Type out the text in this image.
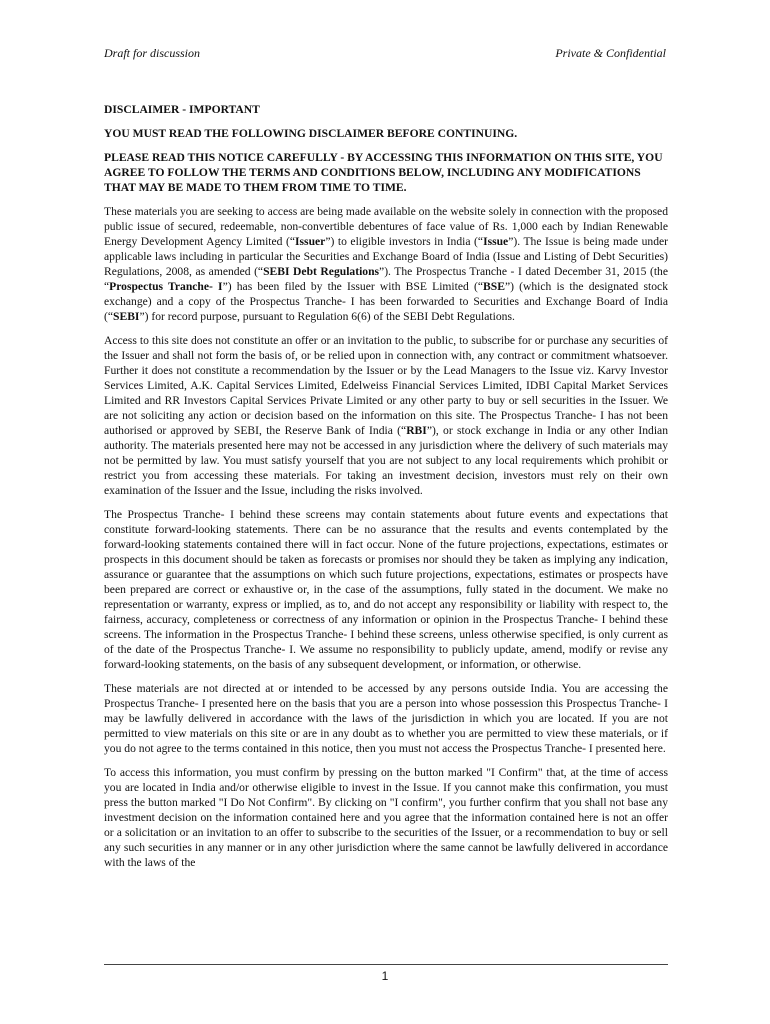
Draft for discussion	Private & Confidential
DISCLAIMER - IMPORTANT
YOU MUST READ THE FOLLOWING DISCLAIMER BEFORE CONTINUING.
PLEASE READ THIS NOTICE CAREFULLY - BY ACCESSING THIS INFORMATION ON THIS SITE, YOU AGREE TO FOLLOW THE TERMS AND CONDITIONS BELOW, INCLUDING ANY MODIFICATIONS THAT MAY BE MADE TO THEM FROM TIME TO TIME.

These materials you are seeking to access are being made available on the website solely in connection with the proposed public issue of secured, redeemable, non-convertible debentures of face value of Rs. 1,000 each by Indian Renewable Energy Development Agency Limited (“Issuer”) to eligible investors in India (“Issue”). The Issue is being made under applicable laws including in particular the Securities and Exchange Board of India (Issue and Listing of Debt Securities) Regulations, 2008, as amended (“SEBI Debt Regulations”). The Prospectus Tranche - I dated December 31, 2015 (the “Prospectus Tranche- I”) has been filed by the Issuer with BSE Limited (“BSE”) (which is the designated stock exchange) and a copy of the Prospectus Tranche- I has been forwarded to Securities and Exchange Board of India (“SEBI”) for record purpose, pursuant to Regulation 6(6) of the SEBI Debt Regulations.

Access to this site does not constitute an offer or an invitation to the public, to subscribe for or purchase any securities of the Issuer and shall not form the basis of, or be relied upon in connection with, any contract or commitment whatsoever. Further it does not constitute a recommendation by the Issuer or by the Lead Managers to the Issue viz. Karvy Investor Services Limited, A.K. Capital Services Limited, Edelweiss Financial Services Limited, IDBI Capital Market Services Limited and RR Investors Capital Services Private Limited or any other party to buy or sell securities in the Issuer. We are not soliciting any action or decision based on the information on this site. The Prospectus Tranche- I has not been authorised or approved by SEBI, the Reserve Bank of India (“RBI”), or stock exchange in India or any other Indian authority. The materials presented here may not be accessed in any jurisdiction where the delivery of such materials may not be permitted by law. You must satisfy yourself that you are not subject to any local requirements which prohibit or restrict you from accessing these materials. For taking an investment decision, investors must rely on their own examination of the Issuer and the Issue, including the risks involved.

The Prospectus Tranche- I behind these screens may contain statements about future events and expectations that constitute forward-looking statements. There can be no assurance that the results and events contemplated by the forward-looking statements contained there will in fact occur. None of the future projections, expectations, estimates or prospects in this document should be taken as forecasts or promises nor should they be taken as implying any indication, assurance or guarantee that the assumptions on which such future projections, expectations, estimates or prospects have been prepared are correct or exhaustive or, in the case of the assumptions, fully stated in the document. We make no representation or warranty, express or implied, as to, and do not accept any responsibility or liability with respect to, the fairness, accuracy, completeness or correctness of any information or opinion in the Prospectus Tranche- I behind these screens. The information in the Prospectus Tranche- I behind these screens, unless otherwise specified, is only current as of the date of the Prospectus Tranche- I. We assume no responsibility to publicly update, amend, modify or revise any forward-looking statements, on the basis of any subsequent development, or information, or otherwise.

These materials are not directed at or intended to be accessed by any persons outside India. You are accessing the Prospectus Tranche- I presented here on the basis that you are a person into whose possession this Prospectus Tranche- I may be lawfully delivered in accordance with the laws of the jurisdiction in which you are located. If you are not permitted to view materials on this site or are in any doubt as to whether you are permitted to view these materials, or if you do not agree to the terms contained in this notice, then you must not access the Prospectus Tranche- I presented here.

To access this information, you must confirm by pressing on the button marked "I Confirm" that, at the time of access you are located in India and/or otherwise eligible to invest in the Issue. If you cannot make this confirmation, you must press the button marked "I Do Not Confirm". By clicking on "I confirm", you further confirm that you shall not base any investment decision on the information contained here and you agree that the information contained here is not an offer or a solicitation or an invitation to an offer to subscribe to the securities of the Issuer, or a recommendation to buy or sell any such securities in any manner or in any other jurisdiction where the same cannot be lawfully delivered in accordance with the laws of the

1
